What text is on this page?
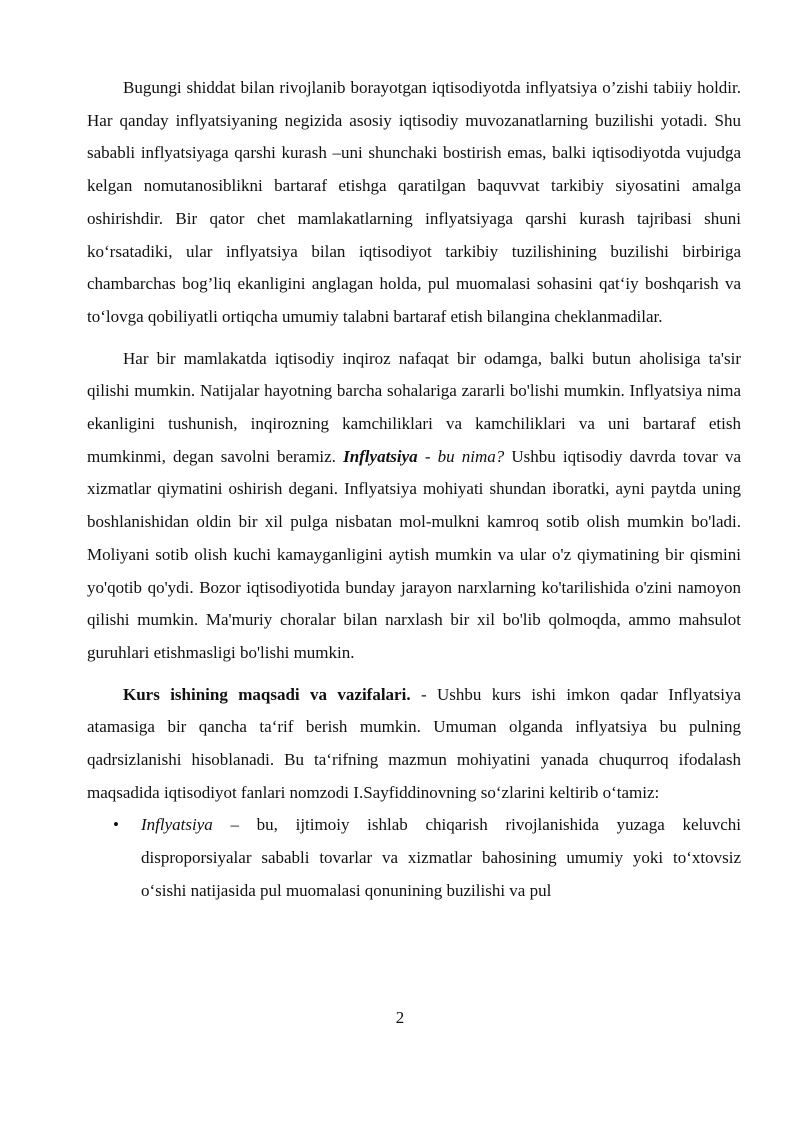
Bugungi shiddat bilan rivojlanib borayotgan iqtisodiyotda inflyatsiya o’zishi tabiiy holdir. Har qanday inflyatsiyaning negizida asosiy iqtisodiy muvozanatlarning buzilishi yotadi. Shu sababli inflyatsiyaga qarshi kurash –uni shunchaki bostirish emas, balki iqtisodiyotda vujudga kelgan nomutanosiblikni bartaraf etishga qaratilgan baquvvat tarkibiy siyosatini amalga oshirishdir. Bir qator chet mamlakatlarning inflyatsiyaga qarshi kurash tajribasi shuni ko‘rsatadiki, ular inflyatsiya bilan iqtisodiyot tarkibiy tuzilishining buzilishi birbiriga chambarchas bog’liq ekanligini anglagan holda, pul muomalasi sohasini qat‘iy boshqarish va to‘lovga qobiliyatli ortiqcha umumiy talabni bartaraf etish bilangina cheklanmadilar.

Har bir mamlakatda iqtisodiy inqiroz nafaqat bir odamga, balki butun aholisiga ta'sir qilishi mumkin. Natijalar hayotning barcha sohalariga zararli bo'lishi mumkin. Inflyatsiya nima ekanligini tushunish, inqirozning kamchiliklari va kamchiliklari va uni bartaraf etish mumkinmi, degan savolni beramiz. Inflyatsiya - bu nima? Ushbu iqtisodiy davrda tovar va xizmatlar qiymatini oshirish degani. Inflyatsiya mohiyati shundan iboratki, ayni paytda uning boshlanishidan oldin bir xil pulga nisbatan mol-mulkni kamroq sotib olish mumkin bo'ladi. Moliyani sotib olish kuchi kamayganligini aytish mumkin va ular o'z qiymatining bir qismini yo'qotib qo'ydi. Bozor iqtisodiyotida bunday jarayon narxlarning ko'tarilishida o'zini namoyon qilishi mumkin. Ma'muriy choralar bilan narxlash bir xil bo'lib qolmoqda, ammo mahsulot guruhlari etishmasligi bo'lishi mumkin.

Kurs ishining maqsadi va vazifalari. - Ushbu kurs ishi imkon qadar Inflyatsiya atamasiga bir qancha ta‘rif berish mumkin. Umuman olganda inflyatsiya bu pulning qadrsizlanishi hisoblanadi. Bu ta‘rifning mazmun mohiyatini yanada chuqurroq ifodalash maqsadida iqtisodiyot fanlari nomzodi I.Sayfiddinovning so‘zlarini keltirib o‘tamiz:

• Inflyatsiya – bu, ijtimoiy ishlab chiqarish rivojlanishida yuzaga keluvchi disproporsiyalar sababli tovarlar va xizmatlar bahosining umumiy yoki to‘xtovsiz o‘sishi natijasida pul muomalasi qonunining buzilishi va pul
2
